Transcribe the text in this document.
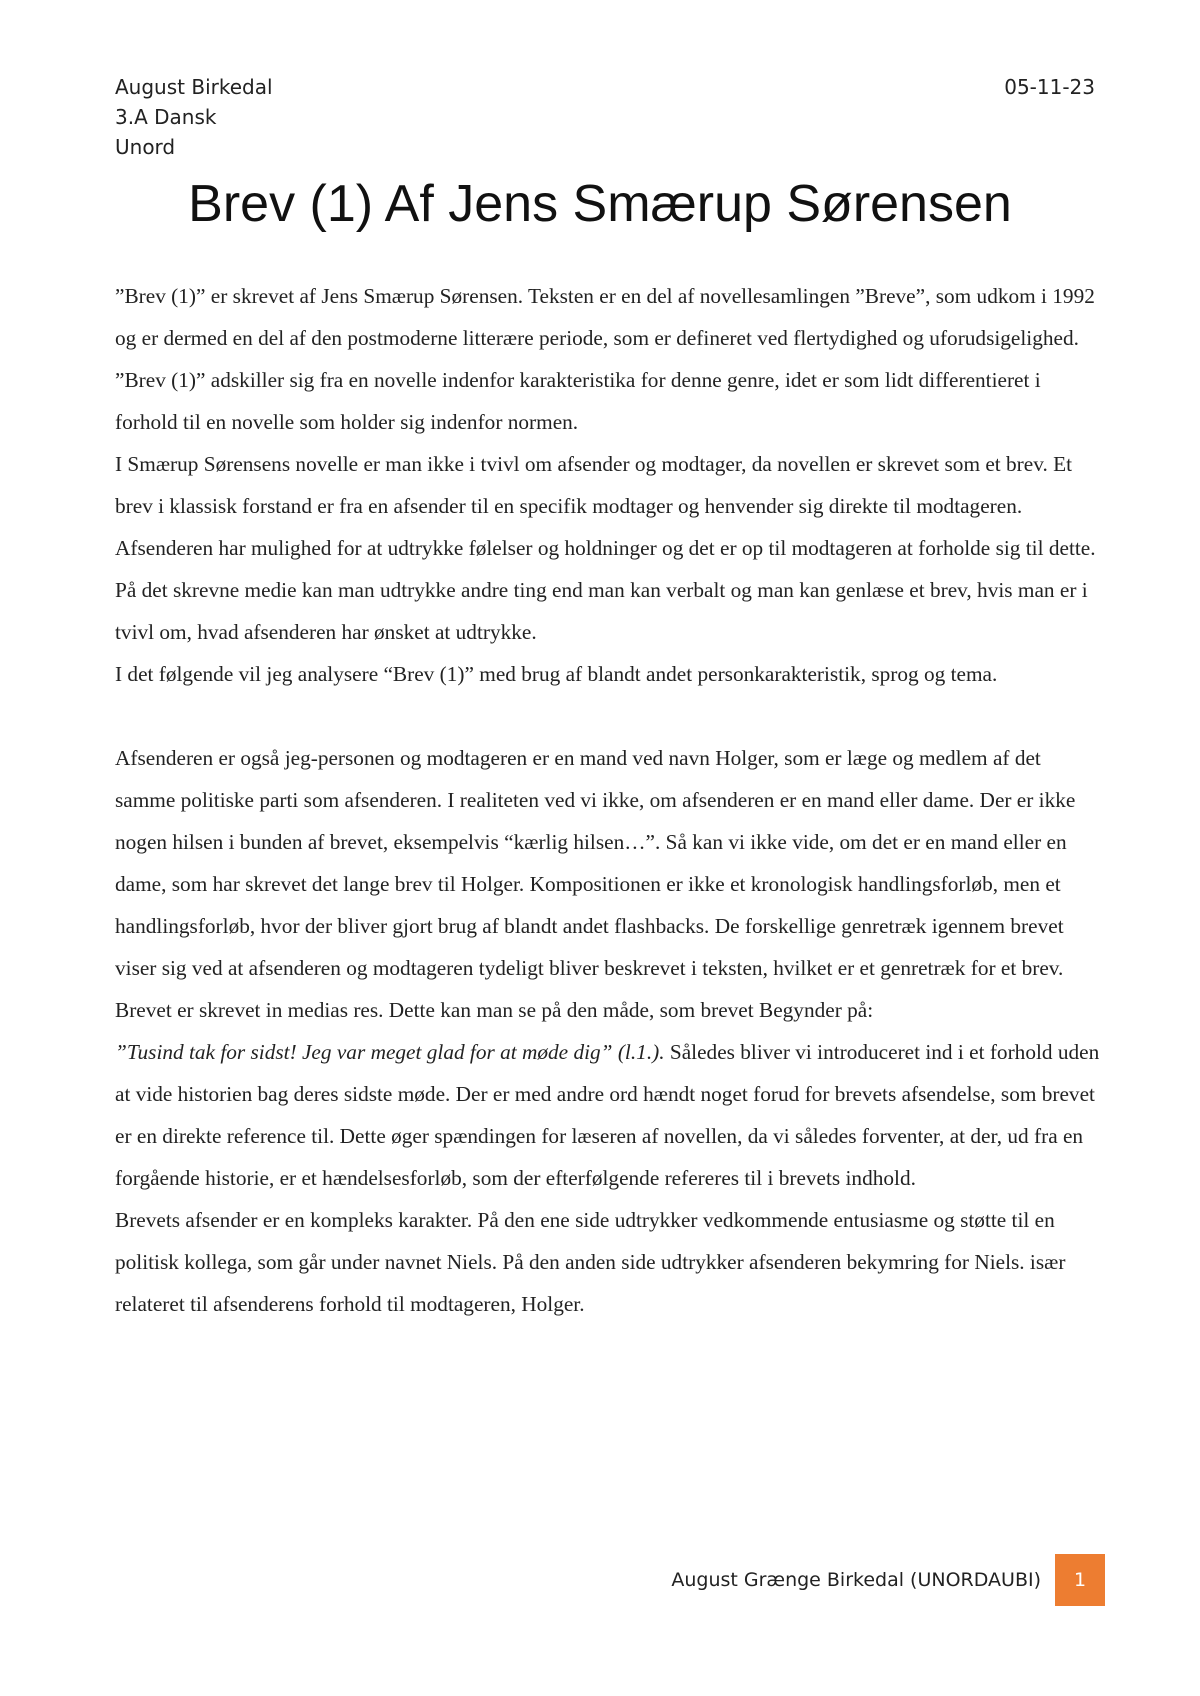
August Birkedal	05-11-23
3.A Dansk
Unord
Brev (1) Af Jens Smærup Sørensen

”Brev (1)” er skrevet af Jens Smærup Sørensen. Teksten er en del af novellesamlingen ”Breve”, som udkom i 1992 og er dermed en del af den postmoderne litterære periode, som er defineret ved flertydighed og uforudsigelighed. ”Brev (1)” adskiller sig fra en novelle indenfor karakteristika for denne genre, idet er som lidt differentieret i forhold til en novelle som holder sig indenfor normen.

I Smærup Sørensens novelle er man ikke i tvivl om afsender og modtager, da novellen er skrevet som et brev. Et brev i klassisk forstand er fra en afsender til en specifik modtager og henvender sig direkte til modtageren. Afsenderen har mulighed for at udtrykke følelser og holdninger og det er op til modtageren at forholde sig til dette. På det skrevne medie kan man udtrykke andre ting end man kan verbalt og man kan genlæse et brev, hvis man er i tvivl om, hvad afsenderen har ønsket at udtrykke.

I det følgende vil jeg analysere “Brev (1)” med brug af blandt andet personkarakteristik, sprog og tema.

Afsenderen er også jeg-personen og modtageren er en mand ved navn Holger, som er læge og medlem af det samme politiske parti som afsenderen. I realiteten ved vi ikke, om afsenderen er en mand eller dame. Der er ikke nogen hilsen i bunden af brevet, eksempelvis “kærlig hilsen…”. Så kan vi ikke vide, om det er en mand eller en dame, som har skrevet det lange brev til Holger. Kompositionen er ikke et kronologisk handlingsforløb, men et handlingsforløb, hvor der bliver gjort brug af blandt andet flashbacks. De forskellige genretræk igennem brevet viser sig ved at afsenderen og modtageren tydeligt bliver beskrevet i teksten, hvilket er et genretræk for et brev.

Brevet er skrevet in medias res. Dette kan man se på den måde, som brevet Begynder på:
”Tusind tak for sidst! Jeg var meget glad for at møde dig” (l.1.). Således bliver vi introduceret ind i et forhold uden at vide historien bag deres sidste møde. Der er med andre ord hændt noget forud for brevets afsendelse, som brevet er en direkte reference til. Dette øger spændingen for læseren af novellen, da vi således forventer, at der, ud fra en forgående historie, er et hændelsesforløb, som der efterfølgende refereres til i brevets indhold.

Brevets afsender er en kompleks karakter. På den ene side udtrykker vedkommende entusiasme og støtte til en politisk kollega, som går under navnet Niels. På den anden side udtrykker afsenderen bekymring for Niels. især relateret til afsenderens forhold til modtageren, Holger.

August Grænge Birkedal (UNORDAUBI)	1
